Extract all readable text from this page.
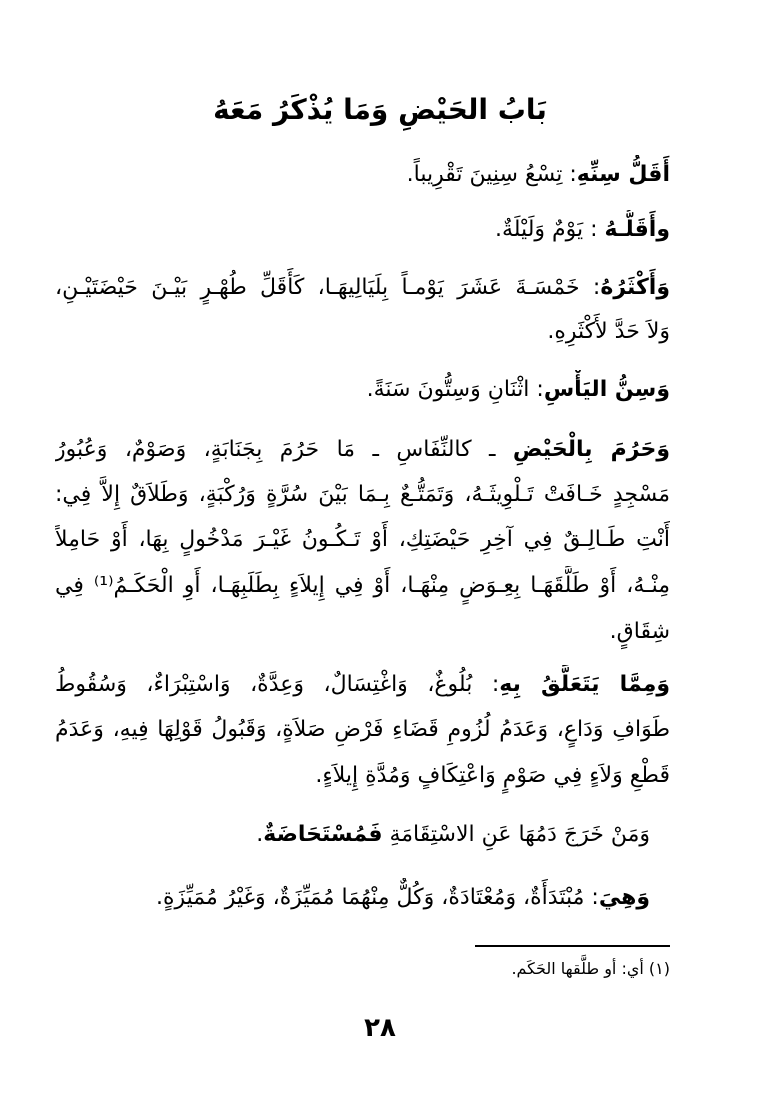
بَابُ الحَيْضِ وَمَا يُذْكَرُ مَعَهُ
أَقَلُّ سِنِّهِ: تِسْعُ سِنِينَ تَقْرِيباً.
وأَقَلُّـهُ : يَوْمٌ وَلَيْلَةٌ.
وَأَكْثَرُهُ: خَمْسَـةَ عَشَرَ يَوْمـاً بِلَيَالِيهَـا، كَأَقَلِّ طُهْـرٍ بَيْـنَ حَيْضَتَيْـنِ،
وَلاَ حَدَّ لأَكْثَرِهِ.
وَسِنُّ اليَأْسِ: اثْنَانِ وَسِتُّونَ سَنَةً.
وَحَرُمَ بِالْحَيْضِ ـ كالنِّفَاسِ ـ مَا حَرُمَ بِجَنَابَةٍ، وَصَوْمٌ، وَعُبُورُ
مَسْجِدٍ خَـافَتْ تَـلْوِيثَـهُ، وَتَمَتُّـعٌ بِـمَا بَيْنَ سُرَّةٍ وَرُكْبَةٍ، وَطَلاَقٌ إِلاَّ فِي:
أَنْتِ طَـالِـقٌ فِي آخِرِ حَيْضَتِكِ، أَوْ تَـكُـونُ غَيْـرَ مَدْخُولٍ بِهَا، أَوْ حَامِلاً
مِنْـهُ، أَوْ طَلَّقَهَـا بِعِـوَضٍ مِنْهَـا، أَوْ فِي إِيلاَءٍ بِطَلَبِهَـا، أَوِ الْحَكَـمُ⁽¹⁾ فِي
شِقَاقٍ.
وَمِمَّا يَتَعَلَّقُ بِهِ: بُلُوغٌ، وَاغْتِسَالٌ، وَعِدَّةٌ، وَاسْتِبْرَاءٌ، وَسُقُوطُ
طَوَافِ وَدَاعٍ، وَعَدَمُ لُزُومِ قَضَاءِ فَرْضِ صَلاَةٍ، وَقَبُولُ قَوْلِهَا فِيهِ، وَعَدَمُ
قَطْعِ وَلاَءٍ فِي صَوْمٍ وَاعْتِكَافٍ وَمُدَّةِ إِيلاَءٍ.
وَمَنْ خَرَجَ دَمُهَا عَنِ الاسْتِقَامَةِ فَمُسْتَحَاضَةٌ.
وَهِيَ: مُبْتَدَأَةٌ، وَمُعْتَادَةٌ، وَكُلٌّ مِنْهُمَا مُمَيِّزَةٌ، وَغَيْرُ مُمَيِّزَةٍ.
(١) أي: أو طلَّقها الحَكَم.
٢٨
